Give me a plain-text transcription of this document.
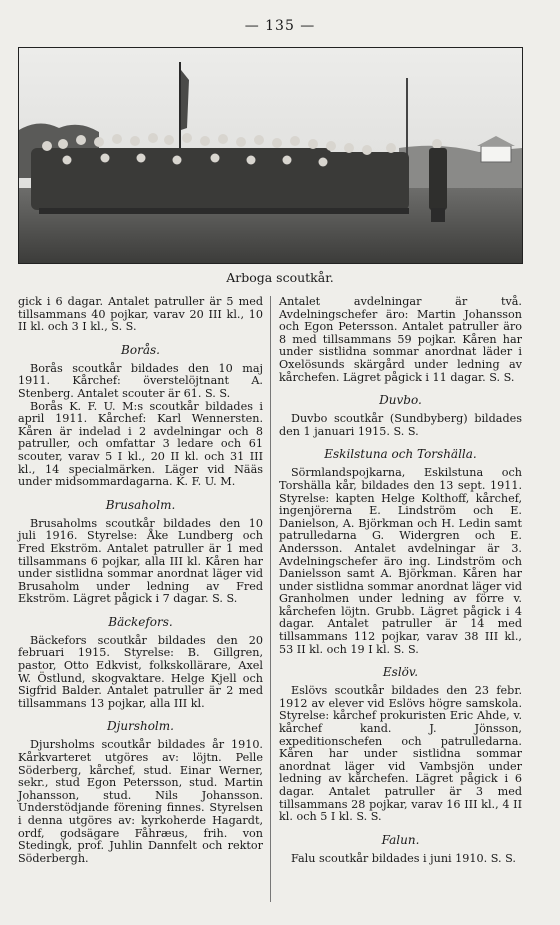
— 135 —
Arboga scoutkår.

gick i 6 dagar. Antalet patruller är 5 med tillsammans 40 pojkar, varav 20 III kl., 10 II kl. och 3 I kl., S. S.

Borås.

Borås scoutkår bildades den 10 maj 1911. Kårchef: överstelöjtnant A. Stenberg. Antalet scouter är 61. S. S.

Borås K. F. U. M:s scoutkår bildades i april 1911. Kårchef: Karl Wennersten. Kåren är indelad i 2 avdelningar och 8 patruller, och omfattar 3 ledare och 61 scouter, varav 5 I kl., 20 II kl. och 31 III kl., 14 specialmärken. Läger vid Nääs under midsommardagarna. K. F. U. M.

Brusaholm.

Brusaholms scoutkår bildades den 10 juli 1916. Styrelse: Åke Lundberg och Fred Ekström. Antalet patruller är 1 med tillsammans 6 pojkar, alla III kl. Kåren har under sistlidna sommar anordnat läger vid Brusaholm under ledning av Fred Ekström. Lägret pågick i 7 dagar. S. S.

Bäckefors.

Bäckefors scoutkår bildades den 20 februari 1915. Styrelse: B. Gillgren, pastor, Otto Edkvist, folkskollärare, Axel W. Östlund, skogvaktare. Helge Kjell och Sigfrid Balder. Antalet patruller är 2 med tillsammans 13 pojkar, alla III kl.

Djursholm.

Djursholms scoutkår bildades år 1910. Kårkvarteret utgöres av: löjtn. Pelle Söderberg, kårchef, stud. Einar Werner, sekr., stud Egon Petersson, stud. Martin Johansson, stud. Nils Johansson. Understödjande förening finnes. Styrelsen i denna utgöres av: kyrkoherde Hagardt, ordf, godsägare Fåhræus, frih. von Stedingk, prof. Juhlin Dannfelt och rektor Söderbergh.

Antalet avdelningar är två. Avdelningschefer äro: Martin Johansson och Egon Petersson. Antalet patruller äro 8 med tillsammans 59 pojkar. Kåren har under sistlidna sommar anordnat läder i Oxelösunds skärgård under ledning av kårchefen. Lägret pågick i 11 dagar. S. S.

Duvbo.

Duvbo scoutkår (Sundbyberg) bildades den 1 januari 1915. S. S.

Eskilstuna och Torshälla.

Sörmlandspojkarna, Eskilstuna och Torshälla kår, bildades den 13 sept. 1911. Styrelse: kapten Helge Kolthoff, kårchef, ingenjörerna E. Lindström och E. Danielson, A. Björkman och H. Ledin samt patrulledarna G. Widergren och E. Andersson. Antalet avdelningar är 3. Avdelningschefer äro ing. Lindström och Danielsson samt A. Björkman. Kåren har under sistlidna sommar anordnat läger vid Granholmen under ledning av förre v. kårchefen löjtn. Grubb. Lägret pågick i 4 dagar. Antalet patruller är 14 med tillsammans 112 pojkar, varav 38 III kl., 53 II kl. och 19 I kl. S. S.

Eslöv.

Eslövs scoutkår bildades den 23 febr. 1912 av elever vid Eslövs högre samskola. Styrelse: kårchef prokuristen Eric Ahde, v. kårchef kand. J. Jönsson, expeditionschefen och patrulledarna. Kåren har under sistlidna sommar anordnat läger vid Vambsjön under ledning av kårchefen. Lägret pågick i 6 dagar. Antalet patruller är 3 med tillsammans 28 pojkar, varav 16 III kl., 4 II kl. och 5 I kl. S. S.

Falun.

Falu scoutkår bildades i juni 1910. S. S.
